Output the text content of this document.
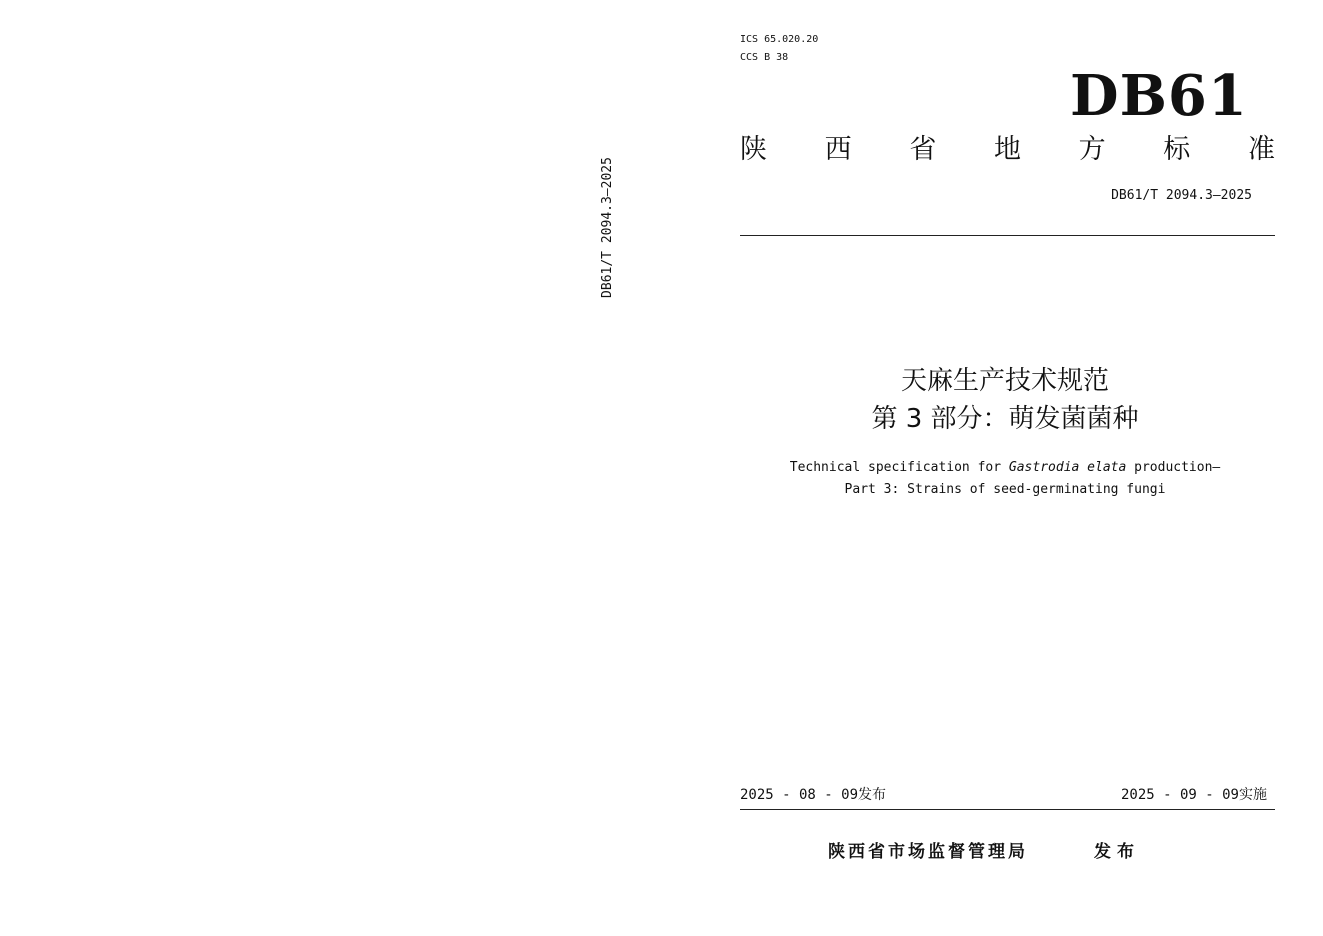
DB61/T 2094.3—2025
ICS 65.020.20
CCS B 38
DB61
陕 西 省 地 方 标 准
DB61/T 2094.3—2025
天麻生产技术规范
第 3 部分：萌发菌菌种
Technical specification for Gastrodia elata production—
Part 3: Strains of seed-germinating fungi
2025 - 08 - 09发布	2025 - 09 - 09实施
陕西省市场监督管理局	发布
